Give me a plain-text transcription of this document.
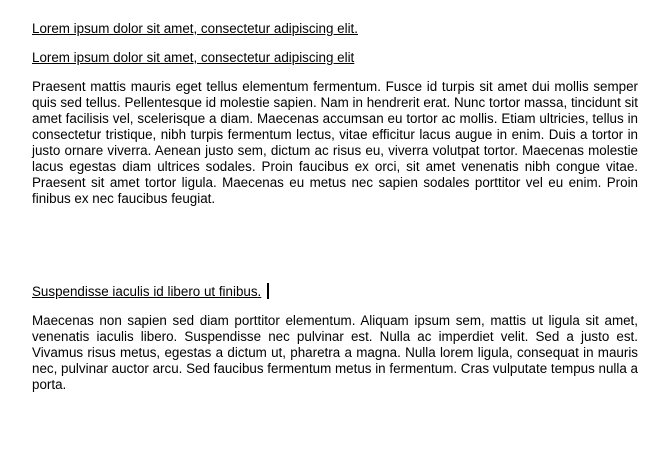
Lorem ipsum dolor sit amet, consectetur adipiscing elit.

Lorem ipsum dolor sit amet, consectetur adipiscing elit

Praesent mattis mauris eget tellus elementum fermentum. Fusce id turpis sit amet dui mollis semper quis sed tellus. Pellentesque id molestie sapien. Nam in hendrerit erat. Nunc tortor massa, tincidunt sit amet facilisis vel, scelerisque a diam. Maecenas accumsan eu tortor ac mollis. Etiam ultricies, tellus in consectetur tristique, nibh turpis fermentum lectus, vitae efficitur lacus augue in enim. Duis a tortor in justo ornare viverra. Aenean justo sem, dictum ac risus eu, viverra volutpat tortor. Maecenas molestie lacus egestas diam ultrices sodales. Proin faucibus ex orci, sit amet venenatis nibh congue vitae. Praesent sit amet tortor ligula. Maecenas eu metus nec sapien sodales porttitor vel eu enim. Proin finibus ex nec faucibus feugiat.

Suspendisse iaculis id libero ut finibus.

Maecenas non sapien sed diam porttitor elementum. Aliquam ipsum sem, mattis ut ligula sit amet, venenatis iaculis libero. Suspendisse nec pulvinar est. Nulla ac imperdiet velit. Sed a justo est. Vivamus risus metus, egestas a dictum ut, pharetra a magna. Nulla lorem ligula, consequat in mauris nec, pulvinar auctor arcu. Sed faucibus fermentum metus in fermentum. Cras vulputate tempus nulla a porta.
